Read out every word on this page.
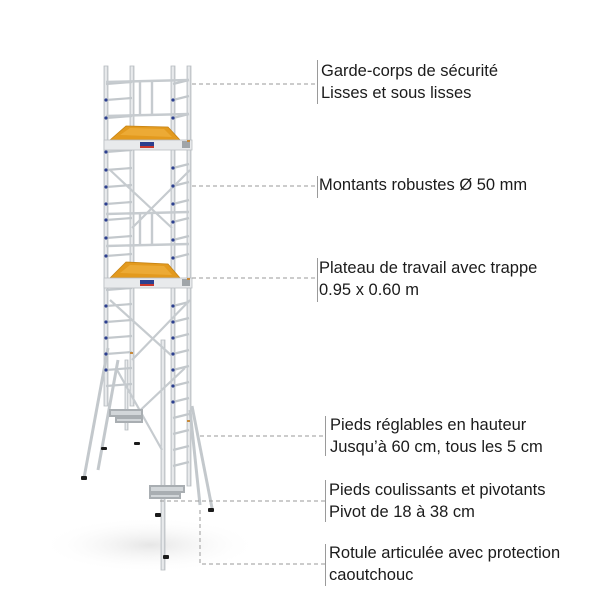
Garde-corps de sécurité
Lisses et sous lisses
Montants robustes Ø 50 mm
Plateau de travail avec trappe
0.95 x 0.60 m
Pieds réglables en hauteur
Jusqu’à 60 cm, tous les 5 cm
Pieds coulissants et pivotants
Pivot de 18 à 38 cm
Rotule articulée avec protection
caoutchouc
